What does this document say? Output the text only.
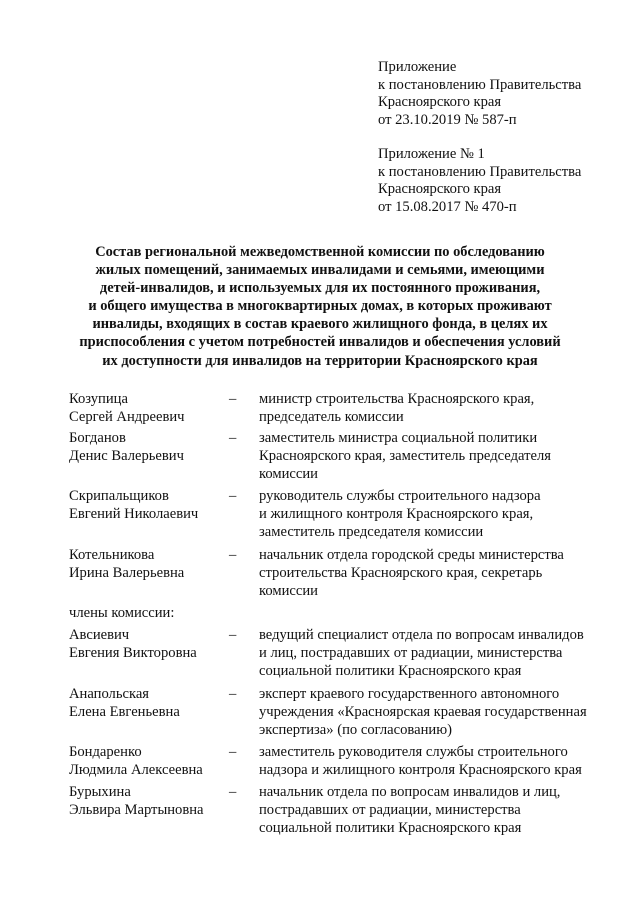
Приложение
к постановлению Правительства
Красноярского края
от 23.10.2019 № 587-п
Приложение № 1
к постановлению Правительства
Красноярского края
от 15.08.2017 № 470-п
Состав региональной межведомственной комиссии по обследованию
жилых помещений, занимаемых инвалидами и семьями, имеющими
детей-инвалидов, и используемых для их постоянного проживания,
и общего имущества в многоквартирных домах, в которых проживают
инвалиды, входящих в состав краевого жилищного фонда, в целях их
приспособления с учетом потребностей инвалидов и обеспечения условий
их доступности для инвалидов на территории Красноярского края
Козупица
Сергей Андреевич
– министр строительства Красноярского края,
председатель комиссии
Богданов
Денис Валерьевич
– заместитель министра социальной политики
Красноярского края, заместитель председателя
комиссии
Скрипальщиков
Евгений Николаевич
– руководитель службы строительного надзора
и жилищного контроля Красноярского края,
заместитель председателя комиссии
Котельникова
Ирина Валерьевна
– начальник отдела городской среды министерства
строительства Красноярского края, секретарь
комиссии
члены комиссии:
Авсиевич
Евгения Викторовна
– ведущий специалист отдела по вопросам инвалидов
и лиц, пострадавших от радиации, министерства
социальной политики Красноярского края
Анапольская
Елена Евгеньевна
– эксперт краевого государственного автономного
учреждения «Красноярская краевая государственная
экспертиза» (по согласованию)
Бондаренко
Людмила Алексеевна
– заместитель руководителя службы строительного
надзора и жилищного контроля Красноярского края
Бурыхина
Эльвира Мартыновна
– начальник отдела по вопросам инвалидов и лиц,
пострадавших от радиации, министерства
социальной политики Красноярского края
